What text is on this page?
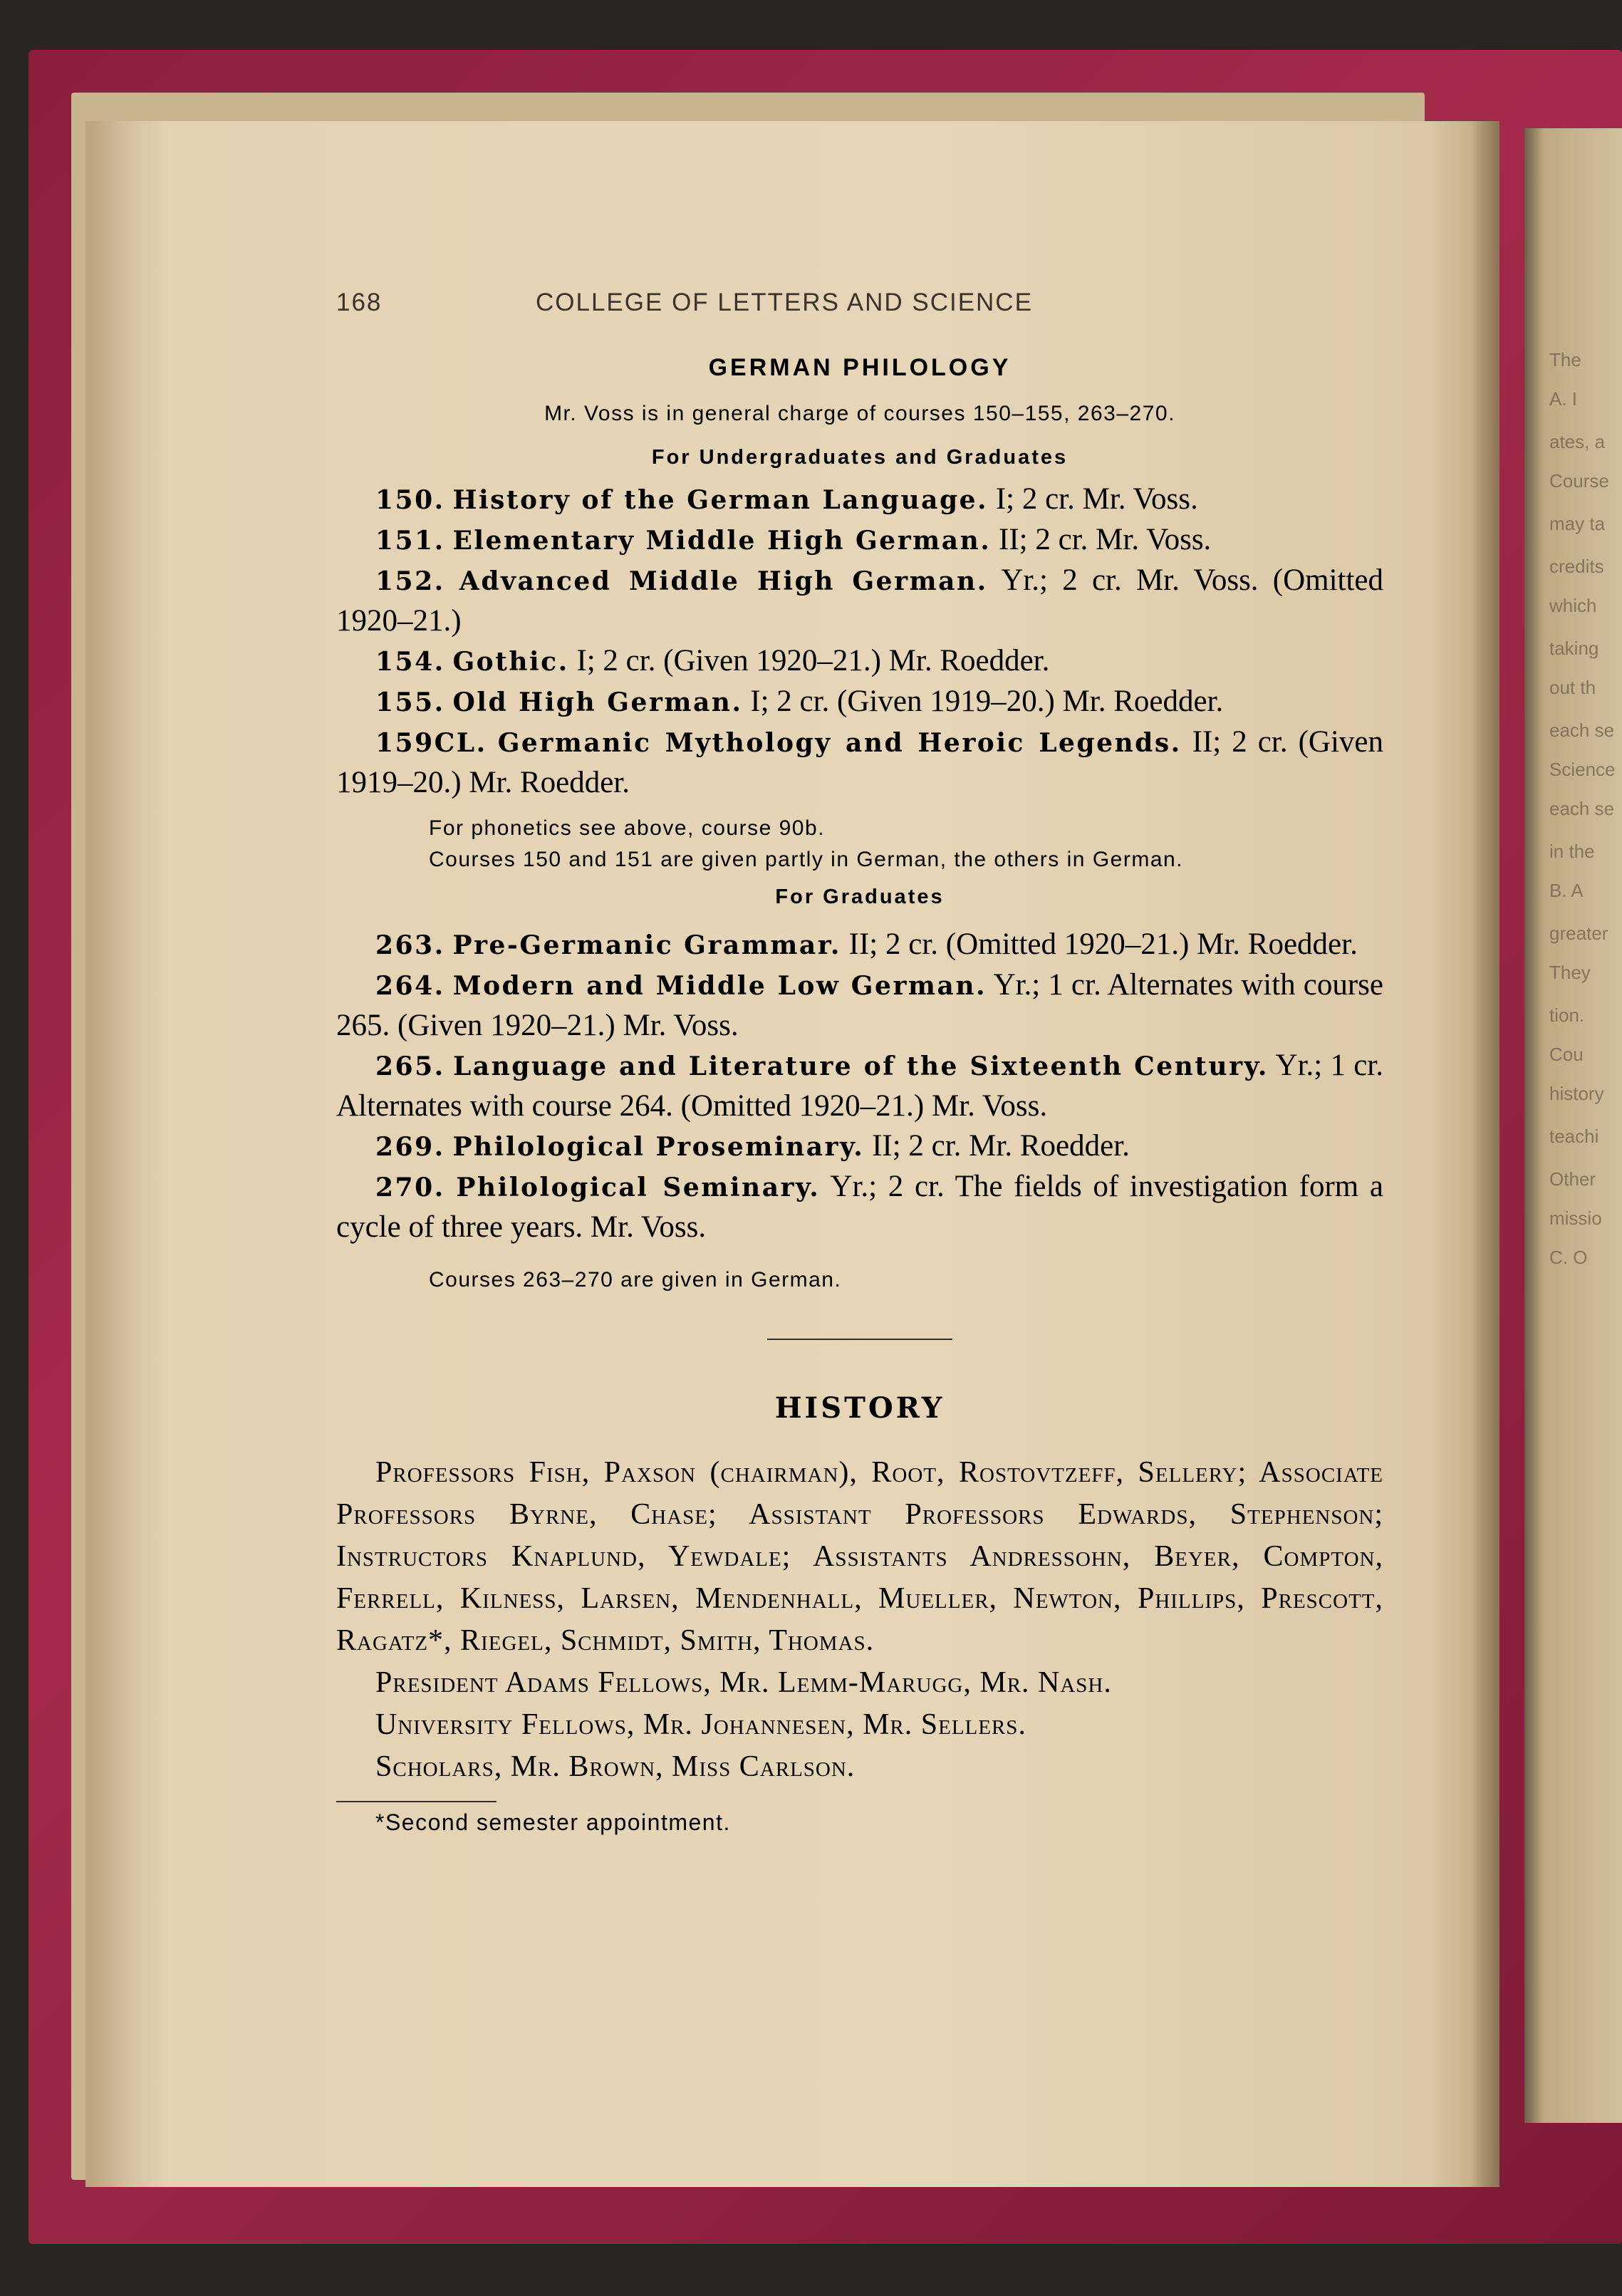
The
A. I
ates, a
Course
may ta
credits
which
taking
out th
each se
Science
each se
in the
B. A
greater
They
tion.
Cou
history
teachi
Other
missio
C. O
168	COLLEGE OF LETTERS AND SCIENCE
GERMAN PHILOLOGY
Mr. Voss is in general charge of courses 150–155, 263–270.
For Undergraduates and Graduates
150. History of the German Language. I; 2 cr. Mr. Voss.
151. Elementary Middle High German. II; 2 cr. Mr. Voss.
152. Advanced Middle High German. Yr.; 2 cr. Mr. Voss. (Omitted 1920–21.)
154. Gothic. I; 2 cr. (Given 1920–21.) Mr. Roedder.
155. Old High German. I; 2 cr. (Given 1919–20.) Mr. Roedder.
159CL. Germanic Mythology and Heroic Legends. II; 2 cr. (Given 1919–20.) Mr. Roedder.
For phonetics see above, course 90b.
Courses 150 and 151 are given partly in German, the others in German.
For Graduates
263. Pre-Germanic Grammar. II; 2 cr. (Omitted 1920–21.) Mr. Roedder.
264. Modern and Middle Low German. Yr.; 1 cr. Alternates with course 265. (Given 1920–21.) Mr. Voss.
265. Language and Literature of the Sixteenth Century. Yr.; 1 cr. Alternates with course 264. (Omitted 1920–21.) Mr. Voss.
269. Philological Proseminary. II; 2 cr. Mr. Roedder.
270. Philological Seminary. Yr.; 2 cr. The fields of investigation form a cycle of three years. Mr. Voss.
Courses 263–270 are given in German.
HISTORY
Professors Fish, Paxson (chairman), Root, Rostovtzeff, Sellery; Associate Professors Byrne, Chase; Assistant Professors Edwards, Stephenson; Instructors Knaplund, Yewdale; Assistants Andressohn, Beyer, Compton, Ferrell, Kilness, Larsen, Mendenhall, Mueller, Newton, Phillips, Prescott, Ragatz*, Riegel, Schmidt, Smith, Thomas.
President Adams Fellows, Mr. Lemm-Marugg, Mr. Nash.
University Fellows, Mr. Johannesen, Mr. Sellers.
Scholars, Mr. Brown, Miss Carlson.
*Second semester appointment.
